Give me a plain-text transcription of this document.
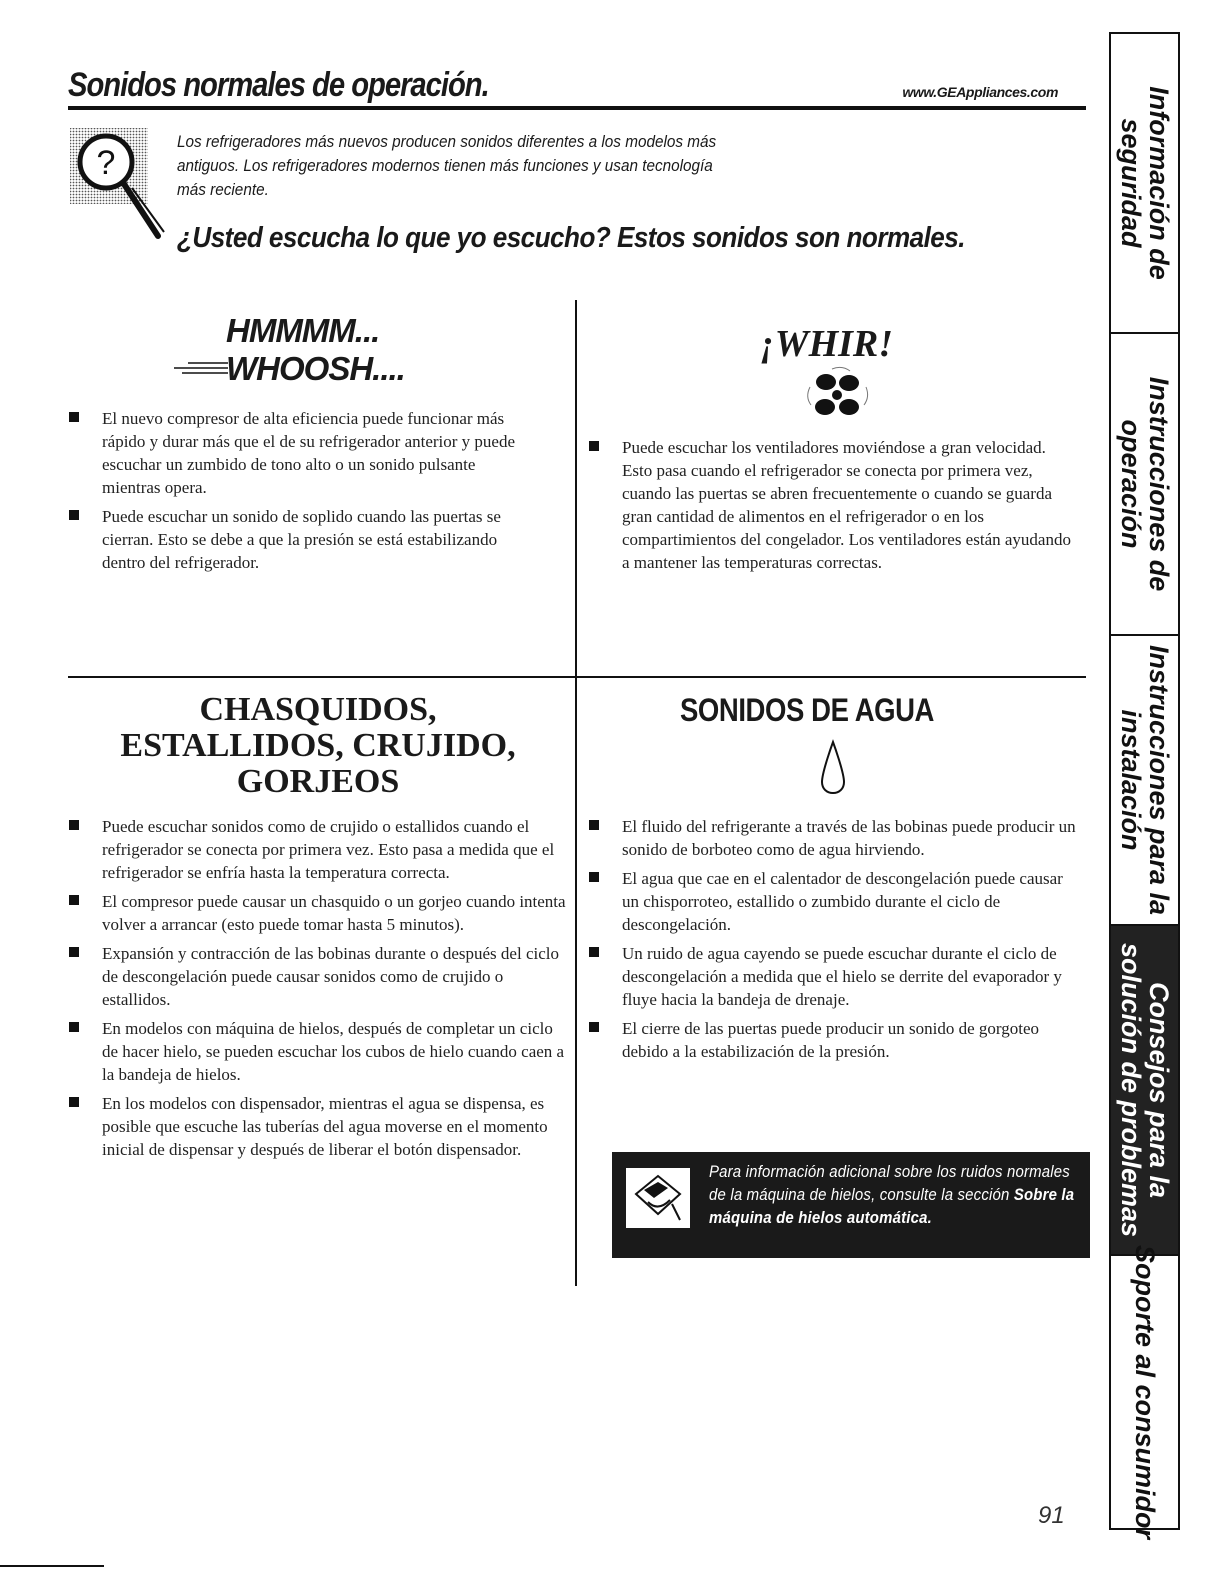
Sonidos normales de operación.	www.GEAppliances.com
?
Los refrigeradores más nuevos producen sonidos diferentes a los modelos más antiguos. Los refrigeradores modernos tienen más funciones y usan tecnología más reciente.
¿Usted escucha lo que yo escucho? Estos sonidos son normales.
HMMMM...
WHOOSH....
El nuevo compresor de alta eficiencia puede funcionar más rápido y durar más que el de su refrigerador anterior y puede escuchar un zumbido de tono alto o un sonido pulsante mientras opera.
Puede escuchar un sonido de soplido cuando las puertas se cierran. Esto se debe a que la presión se está estabilizando dentro del refrigerador.
¡WHIR!
Puede escuchar los ventiladores moviéndose a gran velocidad. Esto pasa cuando el refrigerador se conecta por primera vez, cuando las puertas se abren frecuentemente o cuando se guarda gran cantidad de alimentos en el refrigerador o en los compartimientos del congelador. Los ventiladores están ayudando a mantener las temperaturas correctas.
CHASQUIDOS,
ESTALLIDOS, CRUJIDO,
GORJEOS
Puede escuchar sonidos como de crujido o estallidos cuando el refrigerador se conecta por primera vez. Esto pasa a medida que el refrigerador se enfría hasta la temperatura correcta.
El compresor puede causar un chasquido o un gorjeo cuando intenta volver a arrancar (esto puede tomar hasta 5 minutos).
Expansión y contracción de las bobinas durante o después del ciclo de descongelación puede causar sonidos como de crujido o estallidos.
En modelos con máquina de hielos, después de completar un ciclo de hacer hielo, se pueden escuchar los cubos de hielo cuando caen a la bandeja de hielos.
En los modelos con dispensador, mientras el agua se dispensa, es posible que escuche las tuberías del agua moverse en el momento inicial de dispensar y después de liberar el botón dispensador.
SONIDOS DE AGUA
El fluido del refrigerante a través de las bobinas puede producir un sonido de borboteo como de agua hirviendo.
El agua que cae en el calentador de descongelación puede causar un chisporroteo, estallido o zumbido durante el ciclo de descongelación.
Un ruido de agua cayendo se puede escuchar durante el ciclo de descongelación a medida que el hielo se derrite del evaporador y fluye hacia la bandeja de drenaje.
El cierre de las puertas puede producir un sonido de gorgoteo debido a la estabilización de la presión.
Para información adicional sobre los ruidos normales de la máquina de hielos, consulte la sección Sobre la máquina de hielos automática.
91
Información de
seguridad
Instrucciones de
operación
Instrucciones para la
instalación
Consejos para la
solución de problemas
Soporte al consumidor
